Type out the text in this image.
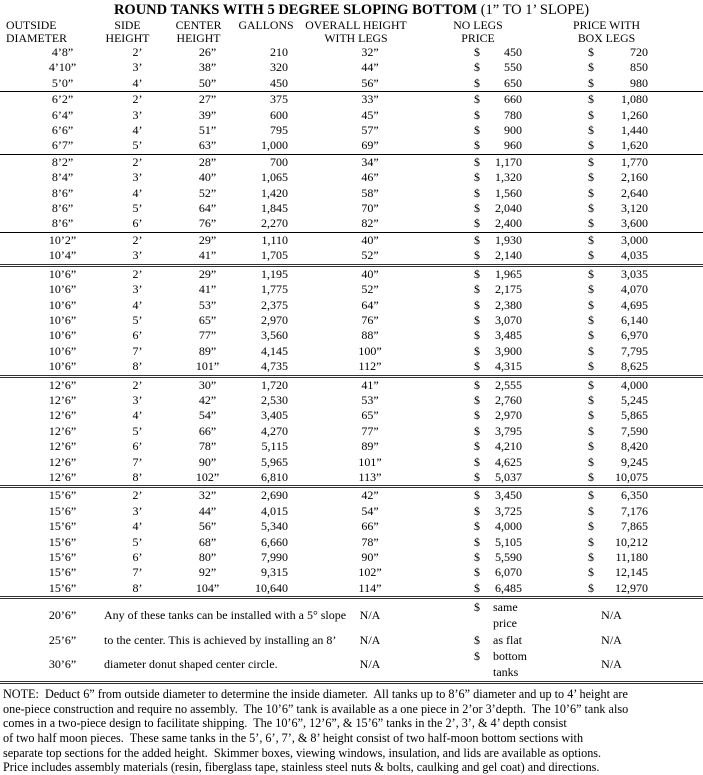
ROUND TANKS WITH 5 DEGREE SLOPING BOTTOM (1” TO 1’ SLOPE)
OUTSIDE	SIDE	CENTER	GALLONS	OVERALL HEIGHT	NO LEGS	PRICE WITH
DIAMETER	HEIGHT	HEIGHT		WITH LEGS	PRICE	BOX LEGS
4’8”	2’	26”	210	32”	$ 450	$ 720

4’10”	3’	38”	320	44”	$ 550	$ 850

5’0”	4’	50”	450	56”	$ 650	$ 980

6’2”	2’	27”	375	33”	$ 660	$ 1,080

6’4”	3’	39”	600	45”	$ 780	$ 1,260

6’6”	4’	51”	795	57”	$ 900	$ 1,440

6’7”	5’	63”	1,000	69”	$ 960	$ 1,620

8’2”	2’	28”	700	34”	$ 1,170	$ 1,770

8’4”	3’	40”	1,065	46”	$ 1,320	$ 2,160

8’6”	4’	52”	1,420	58”	$ 1,560	$ 2,640

8’6”	5’	64”	1,845	70”	$ 2,040	$ 3,120

8’6”	6’	76”	2,270	82”	$ 2,400	$ 3,600

10’2”	2’	29”	1,110	40”	$ 1,930	$ 3,000

10’4”	3’	41”	1,705	52”	$ 2,140	$ 4,035

10’6”	2’	29”	1,195	40”	$ 1,965	$ 3,035

10’6”	3’	41”	1,775	52”	$ 2,175	$ 4,070

10’6”	4’	53”	2,375	64”	$ 2,380	$ 4,695

10’6”	5’	65”	2,970	76”	$ 3,070	$ 6,140

10’6”	6’	77”	3,560	88”	$ 3,485	$ 6,970

10’6”	7’	89”	4,145	100”	$ 3,900	$ 7,795

10’6”	8’	101”	4,735	112”	$ 4,315	$ 8,625

12’6”	2’	30”	1,720	41”	$ 2,555	$ 4,000

12’6”	3’	42”	2,530	53”	$ 2,760	$ 5,245

12’6”	4’	54”	3,405	65”	$ 2,970	$ 5,865

12’6”	5’	66”	4,270	77”	$ 3,795	$ 7,590

12’6”	6’	78”	5,115	89”	$ 4,210	$ 8,420

12’6”	7’	90”	5,965	101”	$ 4,625	$ 9,245

12’6”	8’	102”	6,810	113”	$ 5,037	$ 10,075

15’6”	2’	32”	2,690	42”	$ 3,450	$ 6,350

15’6”	3’	44”	4,015	54”	$ 3,725	$ 7,176

15’6”	4’	56”	5,340	66”	$ 4,000	$ 7,865

15’6”	5’	68”	6,660	78”	$ 5,105	$ 10,212

15’6”	6’	80”	7,990	90”	$ 5,590	$ 11,180

15’6”	7’	92”	9,315	102”	$ 6,070	$ 12,145

15’6”	8’	104”	10,640	114”	$ 6,485	$ 12,970

20’6”	Any of these tanks can be installed with a 5° slope			N/A	$ same price	N/A
25’6”	to the center. This is achieved by installing an 8’			N/A	$ as flat	N/A
30’6”	diameter donut shaped center circle.			N/A	$ bottom tanks	N/A
NOTE:  Deduct 6” from outside diameter to determine the inside diameter.  All tanks up to 8’6” diameter and up to 4’ height are
one-piece construction and require no assembly.  The 10’6” tank is available as a one piece in 2’or 3’depth.  The 10’6” tank also
comes in a two-piece design to facilitate shipping.  The 10’6”, 12’6”, & 15’6” tanks in the 2’, 3’, & 4’ depth consist
of two half moon pieces.  These same tanks in the 5’, 6’, 7’, & 8’ height consist of two half-moon bottom sections with
separate top sections for the added height.  Skimmer boxes, viewing windows, insulation, and lids are available as options.
Price includes assembly materials (resin, fiberglass tape, stainless steel nuts & bolts, caulking and gel coat) and directions.
